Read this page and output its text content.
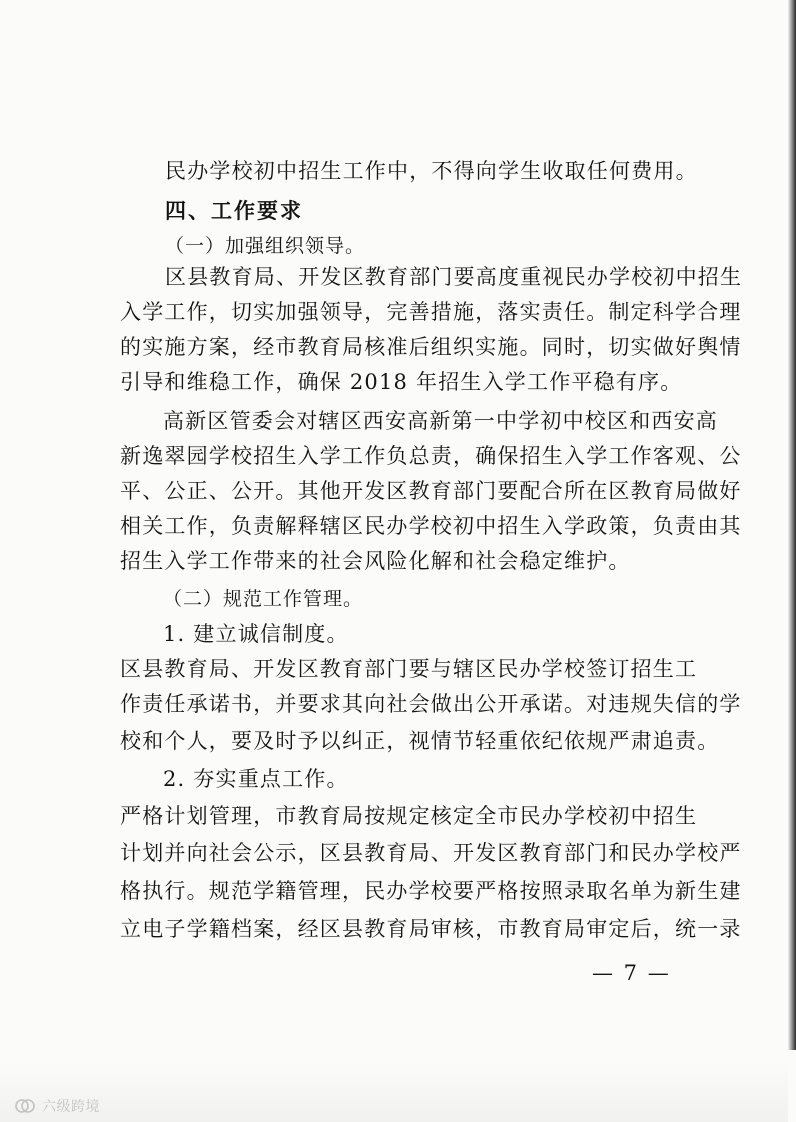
民办学校初中招生工作中，不得向学生收取任何费用。
四、工作要求
（一）加强组织领导。
区县教育局、开发区教育部门要高度重视民办学校初中招生
入学工作，切实加强领导，完善措施，落实责任。制定科学合理
的实施方案，经市教育局核准后组织实施。同时，切实做好舆情
引导和维稳工作，确保 2018 年招生入学工作平稳有序。
高新区管委会对辖区西安高新第一中学初中校区和西安高
新逸翠园学校招生入学工作负总责，确保招生入学工作客观、公
平、公正、公开。其他开发区教育部门要配合所在区教育局做好
相关工作，负责解释辖区民办学校初中招生入学政策，负责由其
招生入学工作带来的社会风险化解和社会稳定维护。
（二）规范工作管理。
1. 建立诚信制度。
区县教育局、开发区教育部门要与辖区民办学校签订招生工
作责任承诺书，并要求其向社会做出公开承诺。对违规失信的学
校和个人，要及时予以纠正，视情节轻重依纪依规严肃追责。
2. 夯实重点工作。
严格计划管理，市教育局按规定核定全市民办学校初中招生
计划并向社会公示，区县教育局、开发区教育部门和民办学校严
格执行。规范学籍管理，民办学校要严格按照录取名单为新生建
立电子学籍档案，经区县教育局审核，市教育局审定后，统一录
— 7 —
六级跨境
